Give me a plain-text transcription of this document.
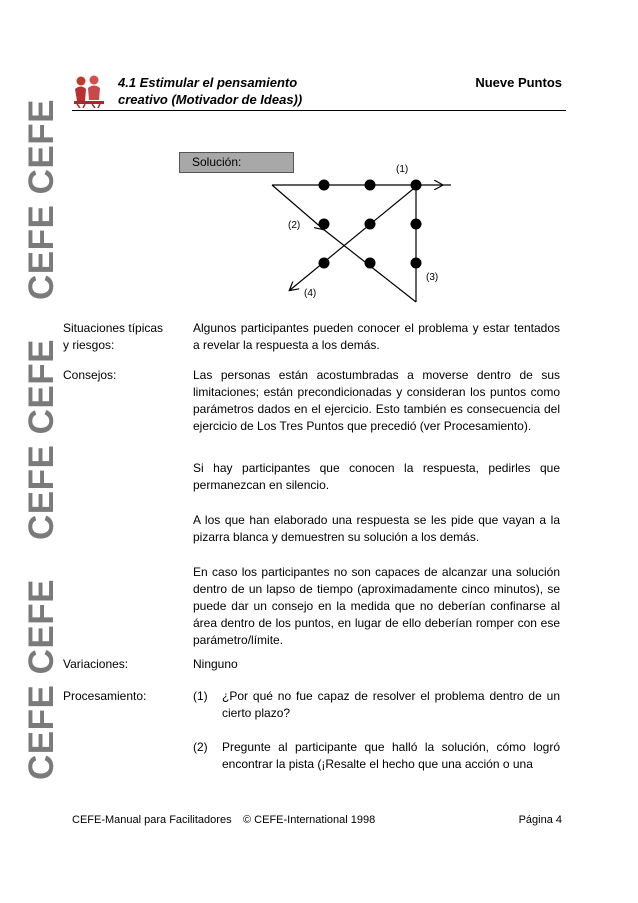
CEFE CEFE
CEFE CEFE
CEFE CEFE
4.1 Estimular el pensamiento
creativo (Motivador de Ideas))
Nueve Puntos
Solución:
(1)
(2)
(3)
(4)
Situaciones típicas
y riesgos:
Algunos participantes pueden conocer el problema y estar tentados a revelar la respuesta a los demás.
Consejos:	Las personas están acostumbradas a moverse dentro de sus limitaciones; están precondicionadas y consideran los puntos como parámetros dados en el ejercicio. Esto también es consecuencia del ejercicio de Los Tres Puntos que precedió (ver Procesamiento).
Si hay participantes que conocen la respuesta, pedirles que permanezcan en silencio.
A los que han elaborado una respuesta se les pide que vayan a la pizarra blanca y demuestren su solución a los demás.
En caso los participantes no son capaces de alcanzar una solución dentro de un lapso de tiempo (aproximadamente cinco minutos), se puede dar un consejo en la medida que no deberían confinarse al área dentro de los puntos, en lugar de ello deberían romper con ese parámetro/límite.
Variaciones:	Ninguno
Procesamiento:	(1)	¿Por qué no fue capaz de resolver el problema dentro de un cierto plazo?
(2)	Pregunte al participante que halló la solución, cómo logró encontrar la pista (¡Resalte el hecho que una acción o una
CEFE-Manual para Facilitadores © CEFE-International 1998	Página 4
